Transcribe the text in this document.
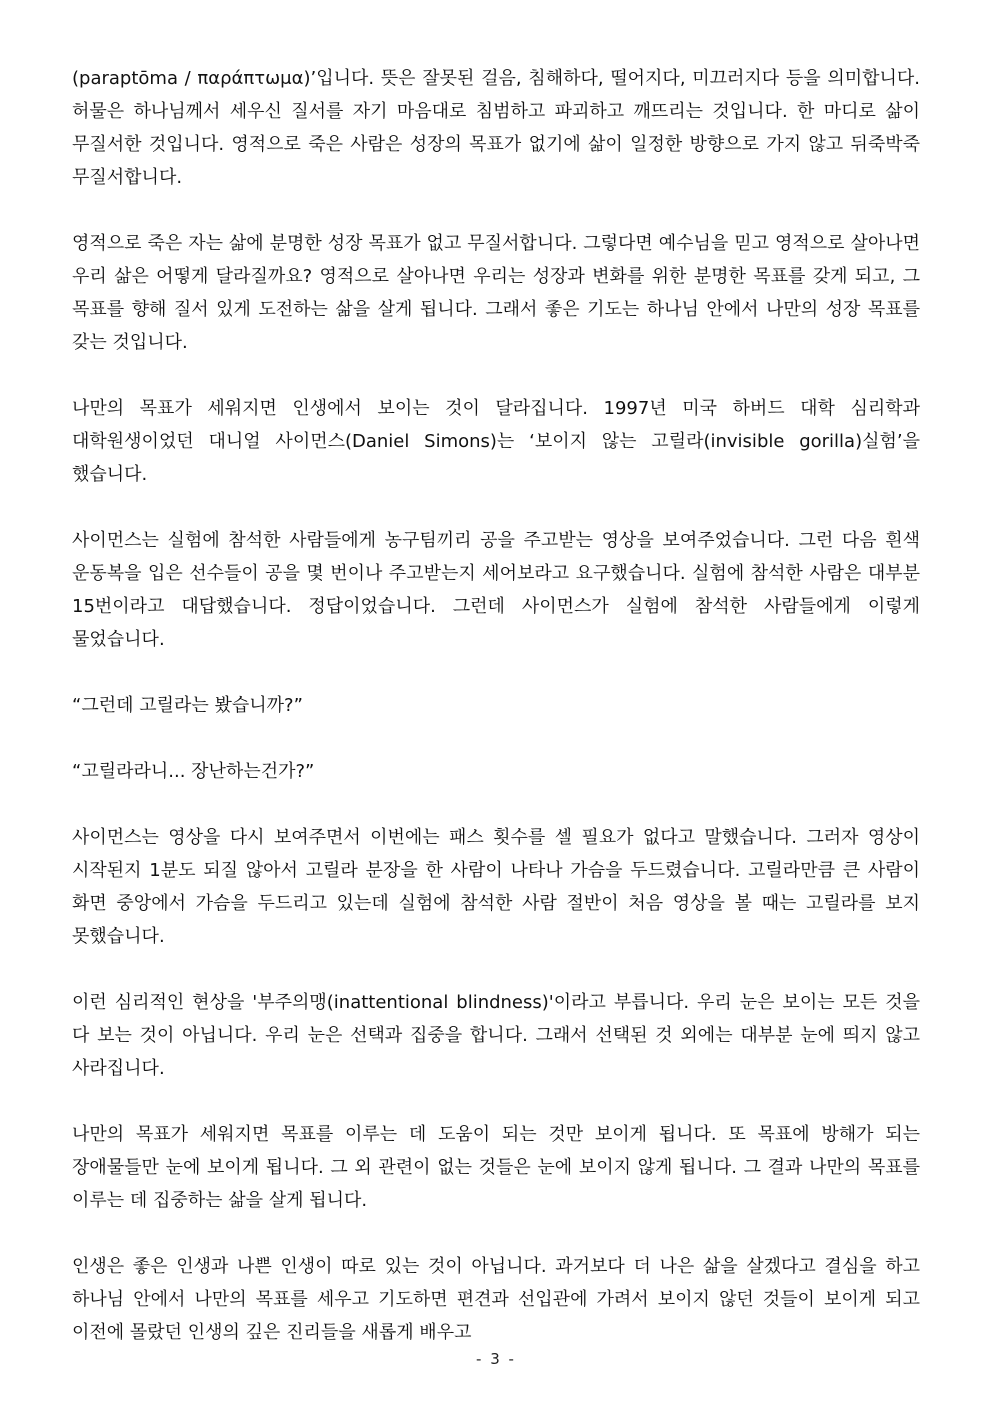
(paraptōma / παράπτωμα)’입니다. 뜻은 잘못된 걸음, 침해하다, 떨어지다, 미끄러지다 등을 의미합니다. 허물은 하나님께서 세우신 질서를 자기 마음대로 침범하고 파괴하고 깨뜨리는 것입니다. 한 마디로 삶이 무질서한 것입니다. 영적으로 죽은 사람은 성장의 목표가 없기에 삶이 일정한 방향으로 가지 않고 뒤죽박죽 무질서합니다.

영적으로 죽은 자는 삶에 분명한 성장 목표가 없고 무질서합니다. 그렇다면 예수님을 믿고 영적으로 살아나면 우리 삶은 어떻게 달라질까요? 영적으로 살아나면 우리는 성장과 변화를 위한 분명한 목표를 갖게 되고, 그 목표를 향해 질서 있게 도전하는 삶을 살게 됩니다. 그래서 좋은 기도는 하나님 안에서 나만의 성장 목표를 갖는 것입니다.

나만의 목표가 세워지면 인생에서 보이는 것이 달라집니다. 1997년 미국 하버드 대학 심리학과 대학원생이었던 대니얼 사이먼스(Daniel Simons)는 ‘보이지 않는 고릴라(invisible gorilla)실험’을 했습니다.

사이먼스는 실험에 참석한 사람들에게 농구팀끼리 공을 주고받는 영상을 보여주었습니다. 그런 다음 흰색 운동복을 입은 선수들이 공을 몇 번이나 주고받는지 세어보라고 요구했습니다. 실험에 참석한 사람은 대부분 15번이라고 대답했습니다. 정답이었습니다. 그런데 사이먼스가 실험에 참석한 사람들에게 이렇게 물었습니다.

“그런데 고릴라는 봤습니까?”

“고릴라라니... 장난하는건가?”

사이먼스는 영상을 다시 보여주면서 이번에는 패스 횟수를 셀 필요가 없다고 말했습니다. 그러자 영상이 시작된지 1분도 되질 않아서 고릴라 분장을 한 사람이 나타나 가슴을 두드렸습니다. 고릴라만큼 큰 사람이 화면 중앙에서 가슴을 두드리고 있는데 실험에 참석한 사람 절반이 처음 영상을 볼 때는 고릴라를 보지 못했습니다.

이런 심리적인 현상을 '부주의맹(inattentional blindness)'이라고 부릅니다. 우리 눈은 보이는 모든 것을 다 보는 것이 아닙니다. 우리 눈은 선택과 집중을 합니다. 그래서 선택된 것 외에는 대부분 눈에 띄지 않고 사라집니다.

나만의 목표가 세워지면 목표를 이루는 데 도움이 되는 것만 보이게 됩니다. 또 목표에 방해가 되는 장애물들만 눈에 보이게 됩니다. 그 외 관련이 없는 것들은 눈에 보이지 않게 됩니다. 그 결과 나만의 목표를 이루는 데 집중하는 삶을 살게 됩니다.

인생은 좋은 인생과 나쁜 인생이 따로 있는 것이 아닙니다. 과거보다 더 나은 삶을 살겠다고 결심을 하고 하나님 안에서 나만의 목표를 세우고 기도하면 편견과 선입관에 가려서 보이지 않던 것들이 보이게 되고 이전에 몰랐던 인생의 깊은 진리들을 새롭게 배우고

- 3 -
